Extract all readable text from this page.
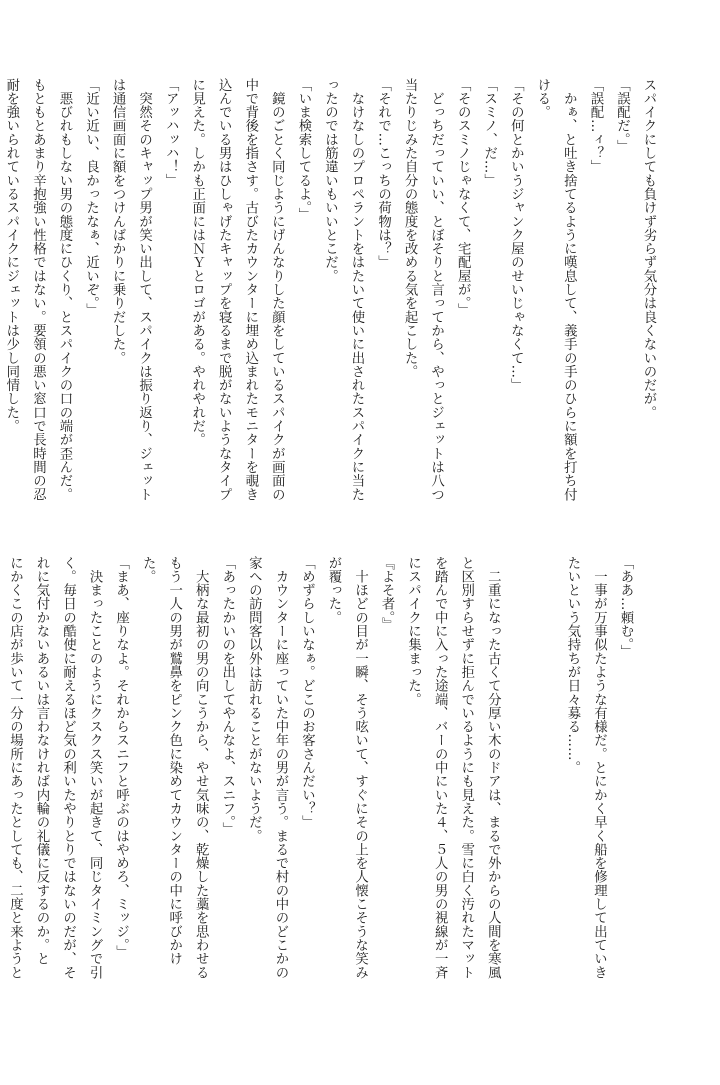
スパイクにしても負けず劣らず気分は良くないのだが。
「誤配だ。」
「誤配…ィ？」
　かぁ、と吐き捨てるように嘆息して、義手の手のひらに額を打ち付
ける。
「その何とかいうジャンク屋のせいじゃなくて…」
「スミノ、だ…」
「そのスミノじゃなくて、宅配屋が。」
　どっちだっていい、とぼそりと言ってから、やっとジェットは八つ
当たりじみた自分の態度を改める気を起こした。
「それで…こっちの荷物は？」
　なけなしのプロペラントをはたいて使いに出されたスパイクに当た
ったのでは筋違いもいいとこだ。
「いま検索してるよ。」
　鏡のごとく同じようにげんなりした顔をしているスパイクが画面の
中で背後を指さす。古びたカウンターに埋め込まれたモニターを覗き
込んでいる男はひしゃげたキャップを寝るまで脱がないようなタイプ
に見えた。しかも正面にはＮＹとロゴがある。やれやれだ。
「アッハッハ！」
　突然そのキャップ男が笑い出して、スパイクは振り返り、ジェット
は通信画面に額をつけんばかりに乗りだした。
「近い近い、良かったなぁ、近いぞ。」
　悪びれもしない男の態度にひくり、とスパイクの口の端が歪んだ。
もともとあまり辛抱強い性格ではない。要領の悪い窓口で長時間の忍
耐を強いられているスパイクにジェットは少し同情した。
「ああ…頼む。」
　一事が万事似たような有様だ。とにかく早く船を修理して出ていき
たいという気持ちが日々募る……。

　二重になった古くて分厚い木のドアは、まるで外からの人間を寒風
と区別すらせずに拒んでいるようにも見えた。雪に白く汚れたマット
を踏んで中に入った途端、バーの中にいた４、５人の男の視線が一斉
にスパイクに集まった。
『よそ者。』
　十ほどの目が一瞬、そう呟いて、すぐにその上を人懐こそうな笑み
が覆った。
「めずらしいなぁ。どこのお客さんだい？」
　カウンターに座っていた中年の男が言う。まるで村の中のどこかの
家への訪問客以外は訪れることがないようだ。
「あったかいのを出してやんなよ、スニフ。」
　大柄な最初の男の向こうから、やせ気味の、乾燥した藁を思わせる
もう一人の男が鷲鼻をピンク色に染めてカウンターの中に呼びかけ
た。
「まあ、座りなよ。それからスニフと呼ぶのはやめろ、ミッジ。」
　決まったことのようにクスクス笑いが起きて、同じタイミングで引
く。毎日の酷使に耐えるほど気の利いたやりとりではないのだが、そ
れに気付かないあるいは言わなければ内輪の礼儀に反するのか。と
にかくこの店が歩いて一分の場所にあったとしても、二度と来ようと
